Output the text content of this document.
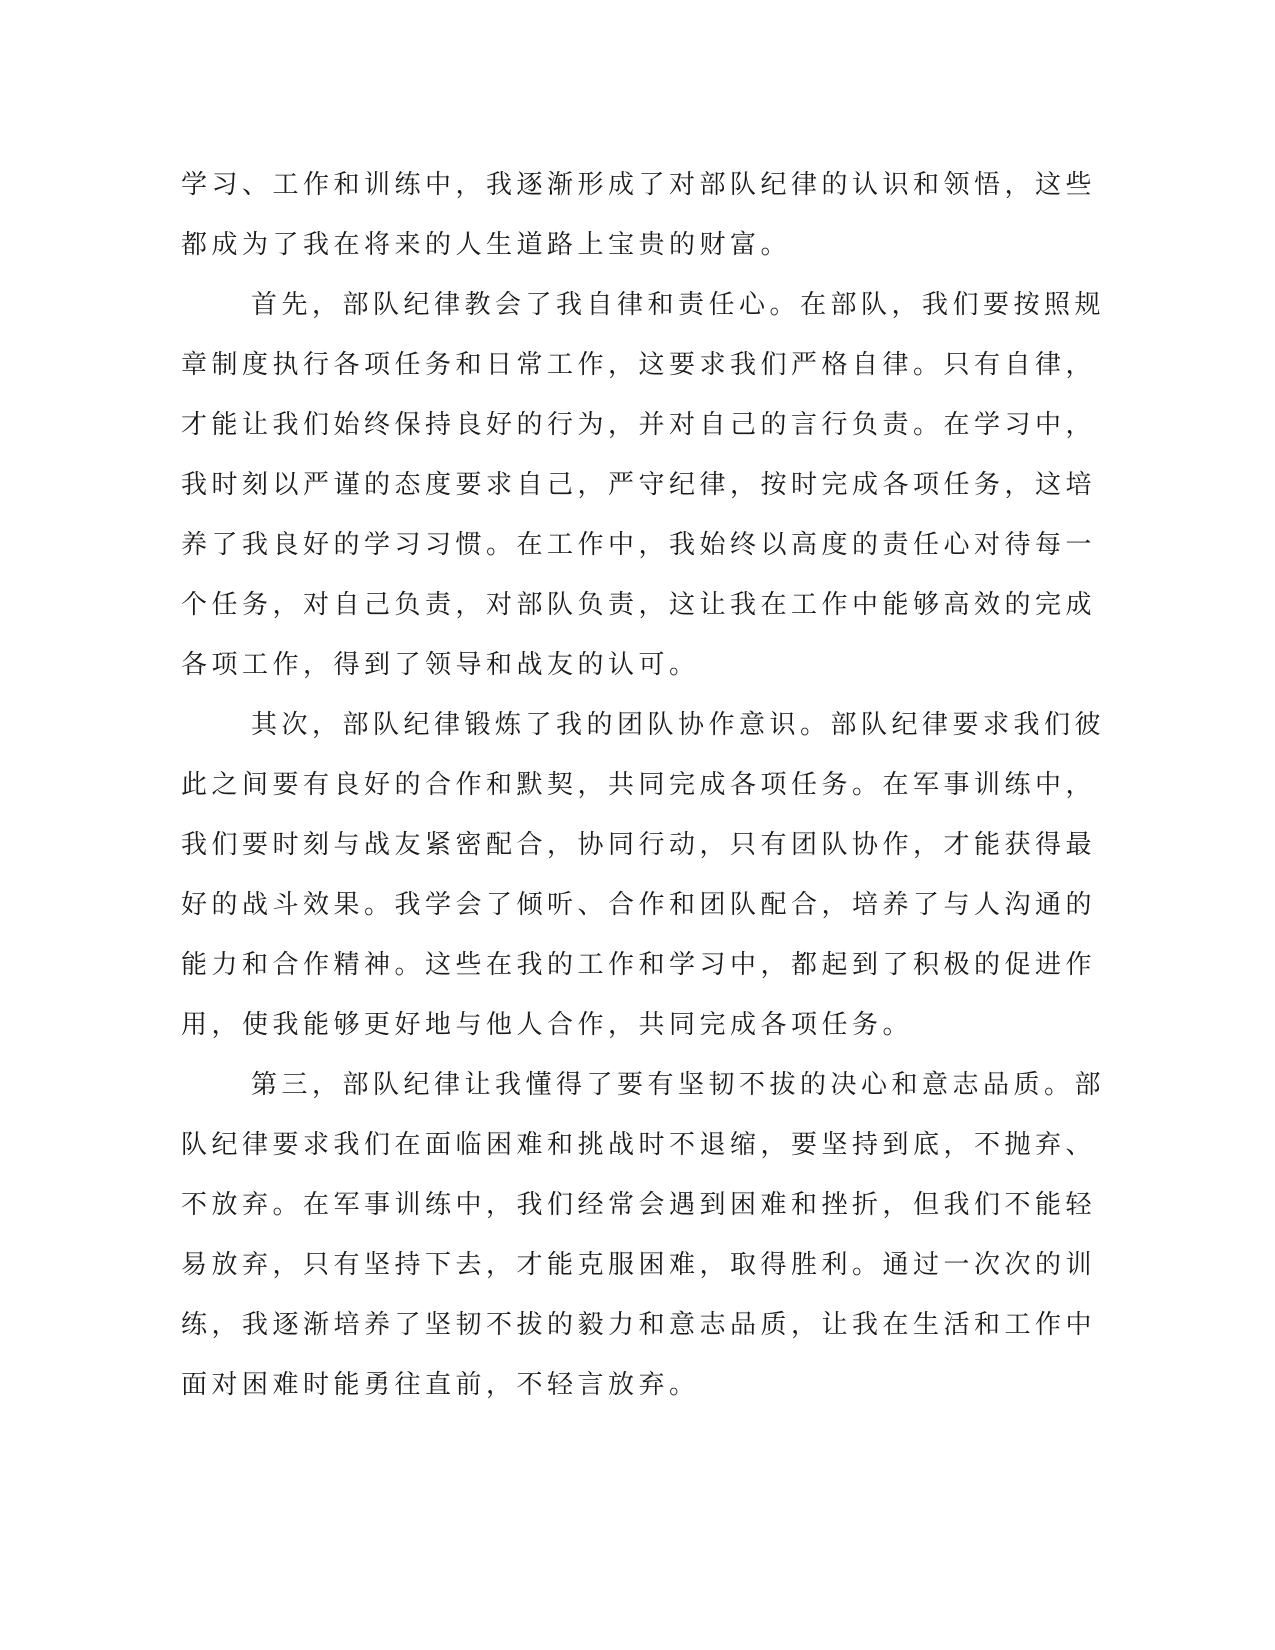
学习、工作和训练中，我逐渐形成了对部队纪律的认识和领悟，这些
都成为了我在将来的人生道路上宝贵的财富。
首先，部队纪律教会了我自律和责任心。在部队，我们要按照规
章制度执行各项任务和日常工作，这要求我们严格自律。只有自律，
才能让我们始终保持良好的行为，并对自己的言行负责。在学习中，
我时刻以严谨的态度要求自己，严守纪律，按时完成各项任务，这培
养了我良好的学习习惯。在工作中，我始终以高度的责任心对待每一
个任务，对自己负责，对部队负责，这让我在工作中能够高效的完成
各项工作，得到了领导和战友的认可。
其次，部队纪律锻炼了我的团队协作意识。部队纪律要求我们彼
此之间要有良好的合作和默契，共同完成各项任务。在军事训练中，
我们要时刻与战友紧密配合，协同行动，只有团队协作，才能获得最
好的战斗效果。我学会了倾听、合作和团队配合，培养了与人沟通的
能力和合作精神。这些在我的工作和学习中，都起到了积极的促进作
用，使我能够更好地与他人合作，共同完成各项任务。
第三，部队纪律让我懂得了要有坚韧不拔的决心和意志品质。部
队纪律要求我们在面临困难和挑战时不退缩，要坚持到底，不抛弃、
不放弃。在军事训练中，我们经常会遇到困难和挫折，但我们不能轻
易放弃，只有坚持下去，才能克服困难，取得胜利。通过一次次的训
练，我逐渐培养了坚韧不拔的毅力和意志品质，让我在生活和工作中
面对困难时能勇往直前，不轻言放弃。
